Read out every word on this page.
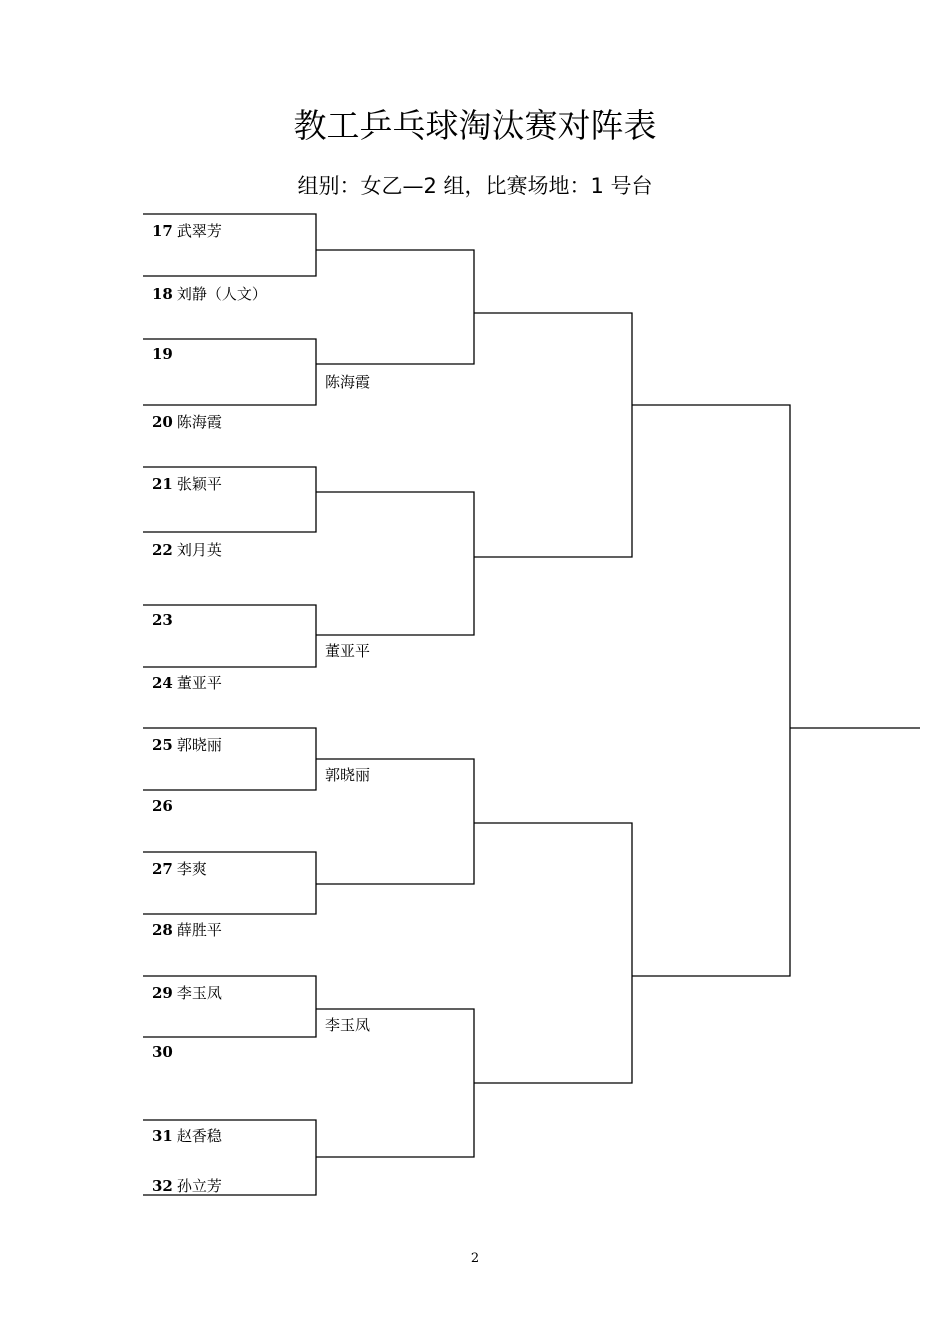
教工乒乓球淘汰赛对阵表
组别：女乙—2 组，比赛场地：1 号台
17 武翠芳
18 刘静（人文）
19
20 陈海霞
21 张颖平
22 刘月英
23
24 董亚平
25 郭晓丽
26
27 李爽
28 薛胜平
29 李玉凤
30
31 赵香稳
32 孙立芳
陈海霞
董亚平
郭晓丽
李玉凤
2
